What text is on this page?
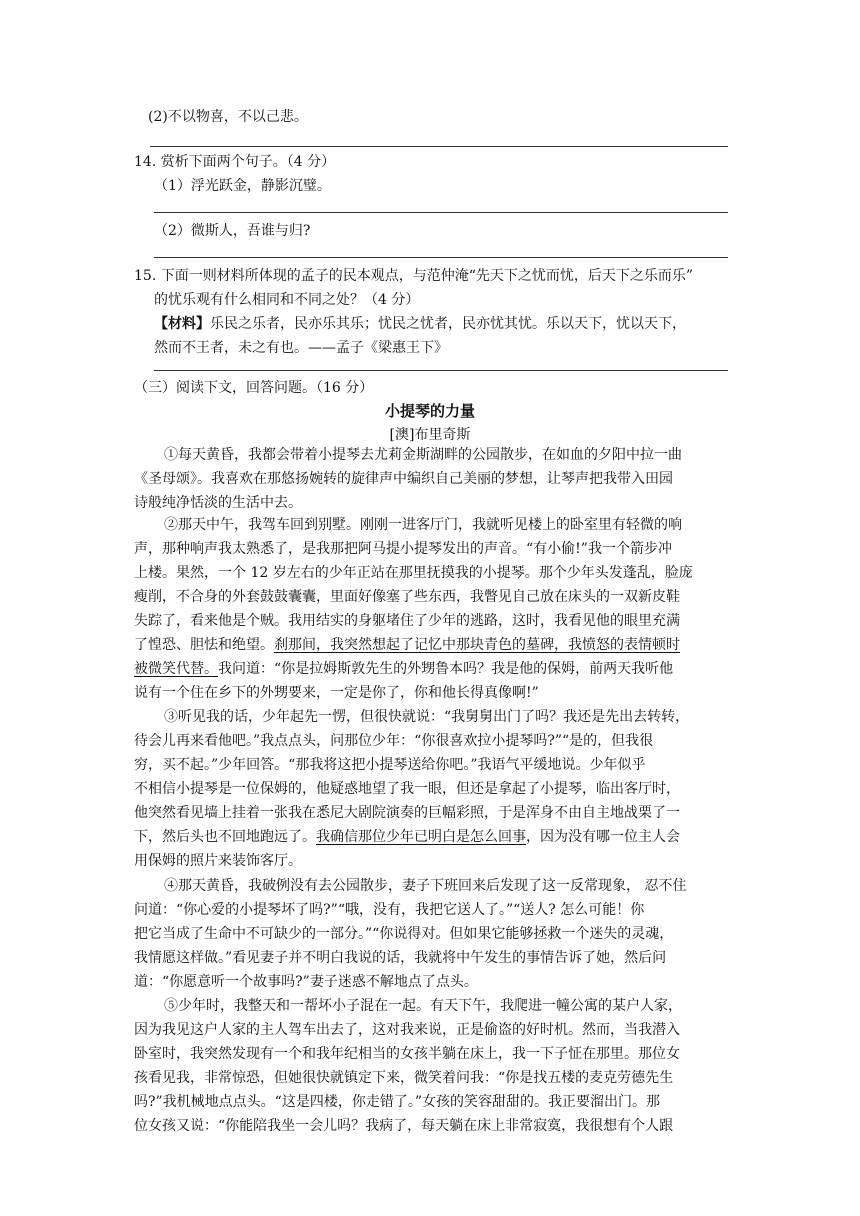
(2)不以物喜，不以己悲。
14. 赏析下面两个句子。（4 分）
（1）浮光跃金，静影沉璧。
（2）微斯人，吾谁与归?
15. 下面一则材料所体现的孟子的民本观点，与范仲淹“先天下之忧而忧，后天下之乐而乐”
的忧乐观有什么相同和不同之处？（4 分）
【材料】乐民之乐者，民亦乐其乐；忧民之忧者，民亦忧其忧。乐以天下，忧以天下，
然而不王者，未之有也。——孟子《梁惠王下》
（三）阅读下文，回答问题。（16 分）
小提琴的力量
[澳]布里奇斯
①每天黄昏，我都会带着小提琴去尤莉金斯湖畔的公园散步，在如血的夕阳中拉一曲
《圣母颂》。我喜欢在那悠扬婉转的旋律声中编织自己美丽的梦想，让琴声把我带入田园
诗般纯净恬淡的生活中去。
②那天中午，我驾车回到别墅。刚刚一进客厅门，我就听见楼上的卧室里有轻微的响
声，那种响声我太熟悉了，是我那把阿马提小提琴发出的声音。“有小偷!”我一个箭步冲
上楼。果然，一个 12 岁左右的少年正站在那里抚摸我的小提琴。那个少年头发蓬乱，脸庞
瘦削，不合身的外套鼓鼓囊囊，里面好像塞了些东西，我瞥见自己放在床头的一双新皮鞋
失踪了，看来他是个贼。我用结实的身躯堵住了少年的逃路，这时，我看见他的眼里充满
了惶恐、胆怯和绝望。刹那间，我突然想起了记忆中那块青色的墓碑，我愤怒的表情顿时
被微笑代替。我问道：“你是拉姆斯敦先生的外甥鲁本吗？我是他的保姆，前两天我听他
说有一个住在乡下的外甥要来，一定是你了，你和他长得真像啊!”
③听见我的话，少年起先一愣，但很快就说：“我舅舅出门了吗？我还是先出去转转，
待会儿再来看他吧。”我点点头，问那位少年：“你很喜欢拉小提琴吗?”“是的，但我很
穷，买不起。”少年回答。“那我将这把小提琴送给你吧。”我语气平缓地说。少年似乎
不相信小提琴是一位保姆的，他疑惑地望了我一眼，但还是拿起了小提琴，临出客厅时，
他突然看见墙上挂着一张我在悉尼大剧院演奏的巨幅彩照，于是浑身不由自主地战栗了一
下，然后头也不回地跑远了。我确信那位少年已明白是怎么回事，因为没有哪一位主人会
用保姆的照片来装饰客厅。
④那天黄昏，我破例没有去公园散步，妻子下班回来后发现了这一反常现象， 忍不住
问道：“你心爱的小提琴坏了吗?”“哦，没有，我把它送人了。”“送人? 怎么可能！你
把它当成了生命中不可缺少的一部分。”“你说得对。但如果它能够拯救一个迷失的灵魂，
我情愿这样做。”看见妻子并不明白我说的话，我就将中午发生的事情告诉了她，然后问
道：“你愿意听一个故事吗?”妻子迷惑不解地点了点头。
⑤少年时，我整天和一帮坏小子混在一起。有天下午，我爬进一幢公寓的某户人家，
因为我见这户人家的主人驾车出去了，这对我来说，正是偷盗的好时机。然而，当我潜入
卧室时，我突然发现有一个和我年纪相当的女孩半躺在床上，我一下子怔在那里。那位女
孩看见我，非常惊恐，但她很快就镇定下来，微笑着问我：“你是找五楼的麦克劳德先生
吗?”我机械地点点头。“这是四楼，你走错了。”女孩的笑容甜甜的。我正要溜出门。那
位女孩又说：“你能陪我坐一会儿吗？我病了，每天躺在床上非常寂寞，我很想有个人跟
